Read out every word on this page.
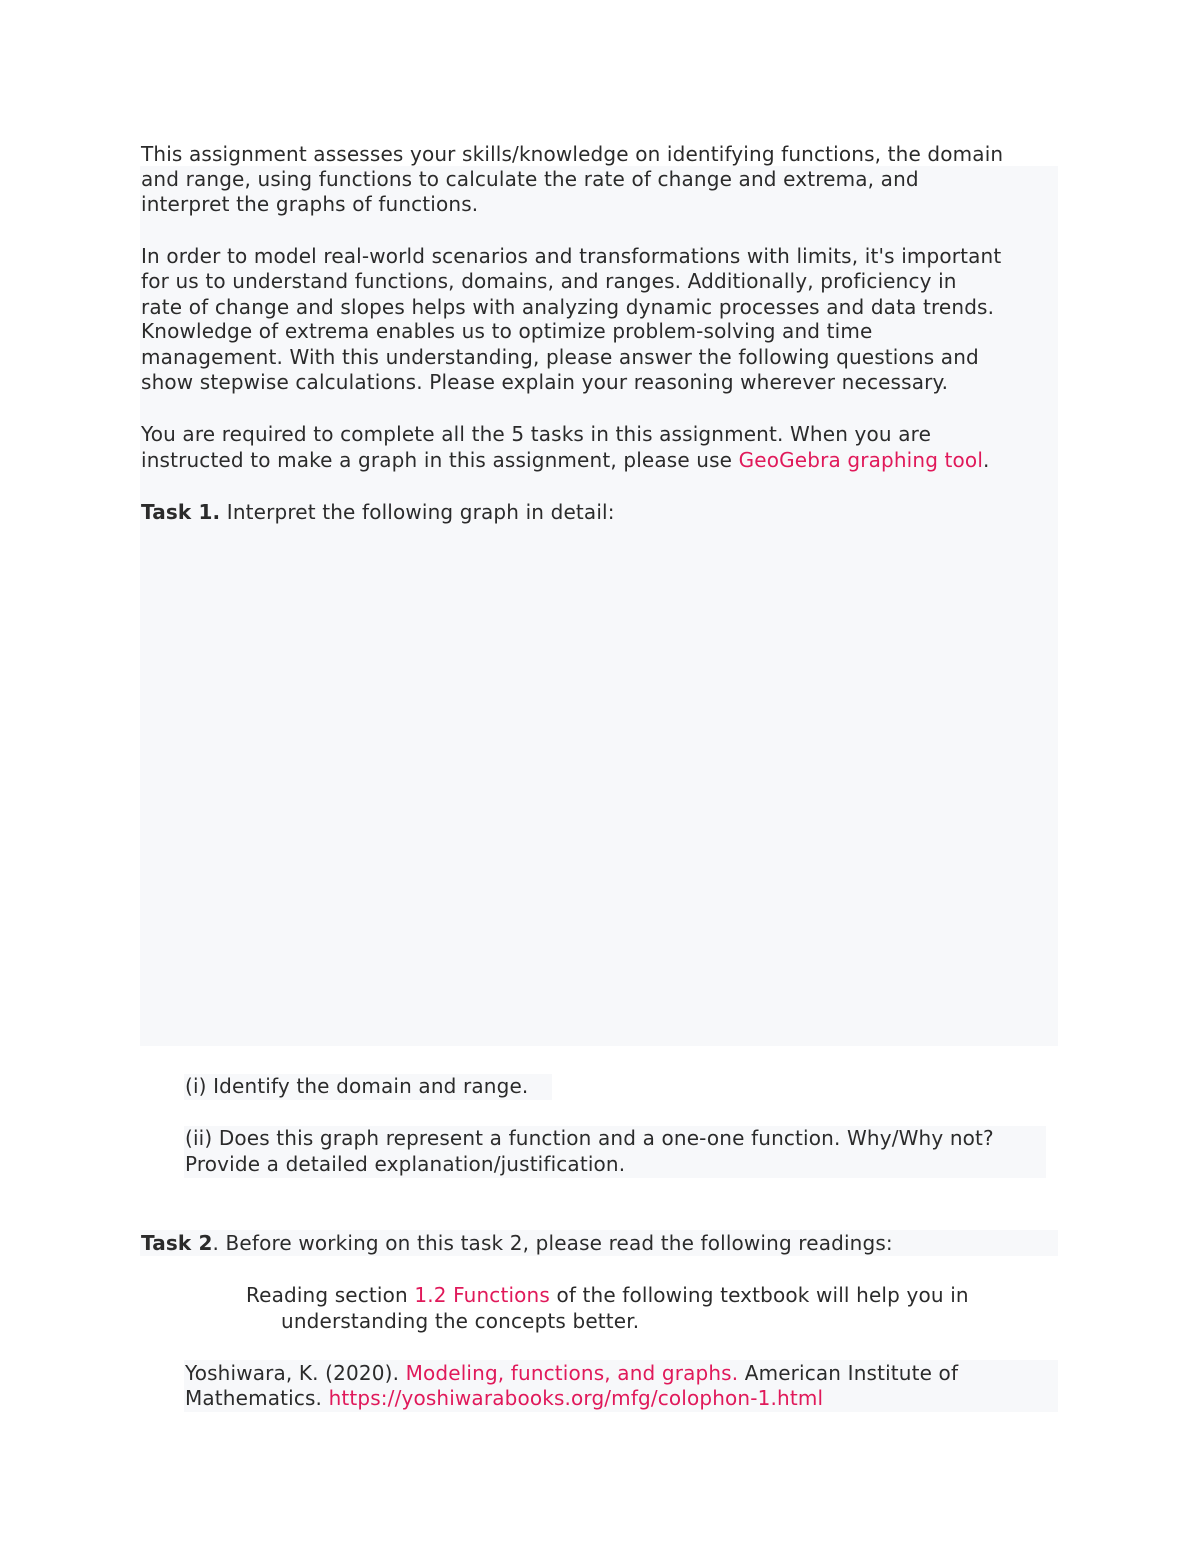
This assignment assesses your skills/knowledge on identifying functions, the domain
and range, using functions to calculate the rate of change and extrema, and
interpret the graphs of functions.
In order to model real-world scenarios and transformations with limits, it's important
for us to understand functions, domains, and ranges. Additionally, proficiency in
rate of change and slopes helps with analyzing dynamic processes and data trends.
Knowledge of extrema enables us to optimize problem-solving and time
management. With this understanding, please answer the following questions and
show stepwise calculations. Please explain your reasoning wherever necessary.
You are required to complete all the 5 tasks in this assignment. When you are
instructed to make a graph in this assignment, please use GeoGebra graphing tool.
Task 1. Interpret the following graph in detail:
(i) Identify the domain and range.
(ii) Does this graph represent a function and a one-one function. Why/Why not?
Provide a detailed explanation/justification.
Task 2. Before working on this task 2, please read the following readings:
Reading section 1.2 Functions of the following textbook will help you in
understanding the concepts better.
Yoshiwara, K. (2020). Modeling, functions, and graphs. American Institute of
Mathematics. https://yoshiwarabooks.org/mfg/colophon-1.html
